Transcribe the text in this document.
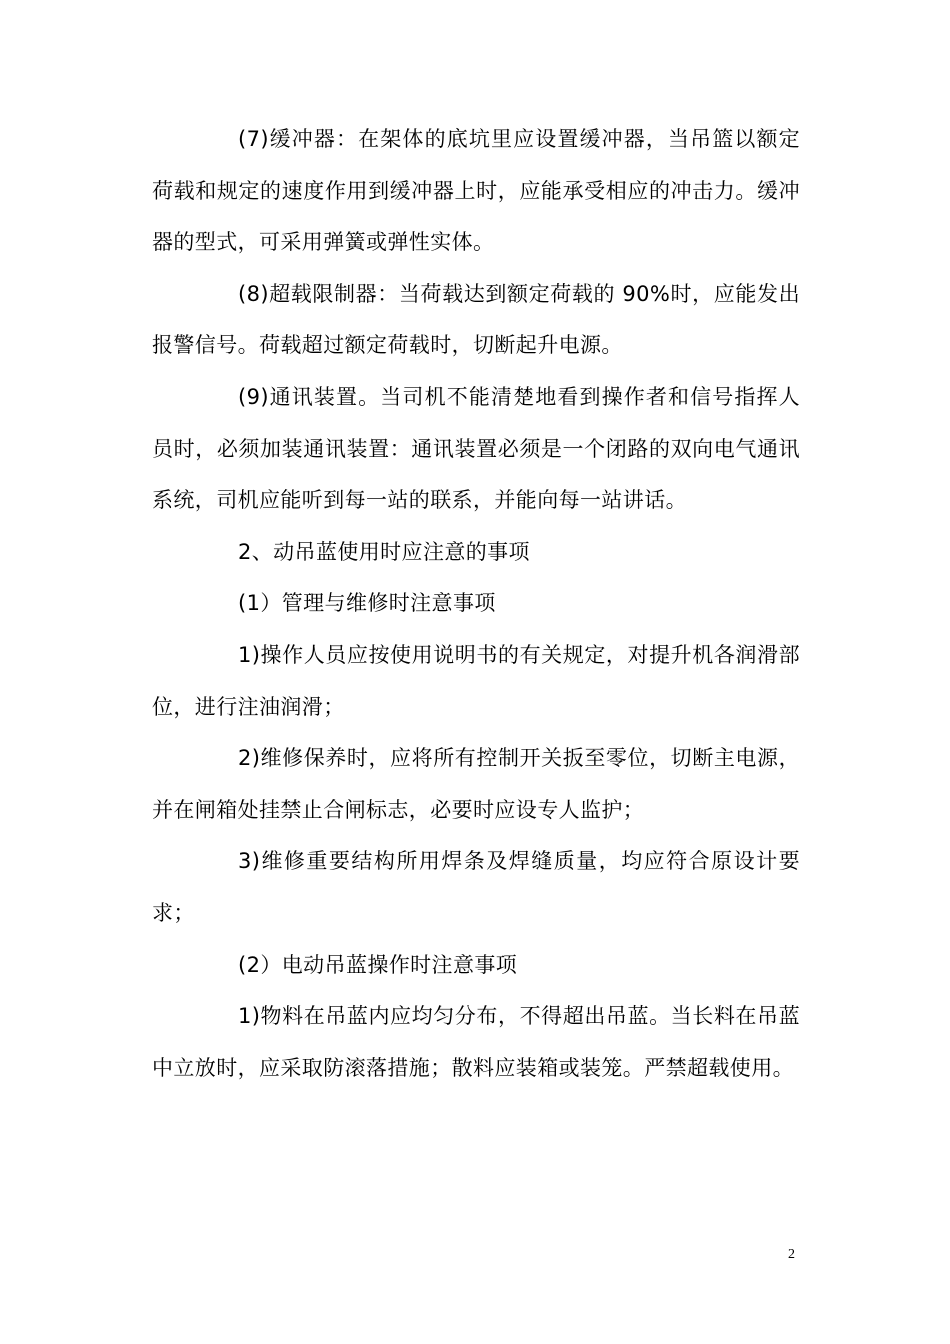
(7)缓冲器：在架体的底坑里应设置缓冲器，当吊篮以额定荷载和规定的速度作用到缓冲器上时，应能承受相应的冲击力。缓冲器的型式，可采用弹簧或弹性实体。

(8)超载限制器：当荷载达到额定荷载的 90%时，应能发出报警信号。荷载超过额定荷载时，切断起升电源。

(9)通讯装置。当司机不能清楚地看到操作者和信号指挥人员时，必须加装通讯装置：通讯装置必须是一个闭路的双向电气通讯系统，司机应能听到每一站的联系，并能向每一站讲话。

2、动吊蓝使用时应注意的事项

(1）管理与维修时注意事项

1)操作人员应按使用说明书的有关规定，对提升机各润滑部位，进行注油润滑；

2)维修保养时，应将所有控制开关扳至零位，切断主电源，并在闸箱处挂禁止合闸标志，必要时应设专人监护；

3)维修重要结构所用焊条及焊缝质量，均应符合原设计要求；

(2）电动吊蓝操作时注意事项

1)物料在吊蓝内应均匀分布，不得超出吊蓝。当长料在吊蓝中立放时，应采取防滚落措施；散料应装箱或装笼。严禁超载使用。

2
